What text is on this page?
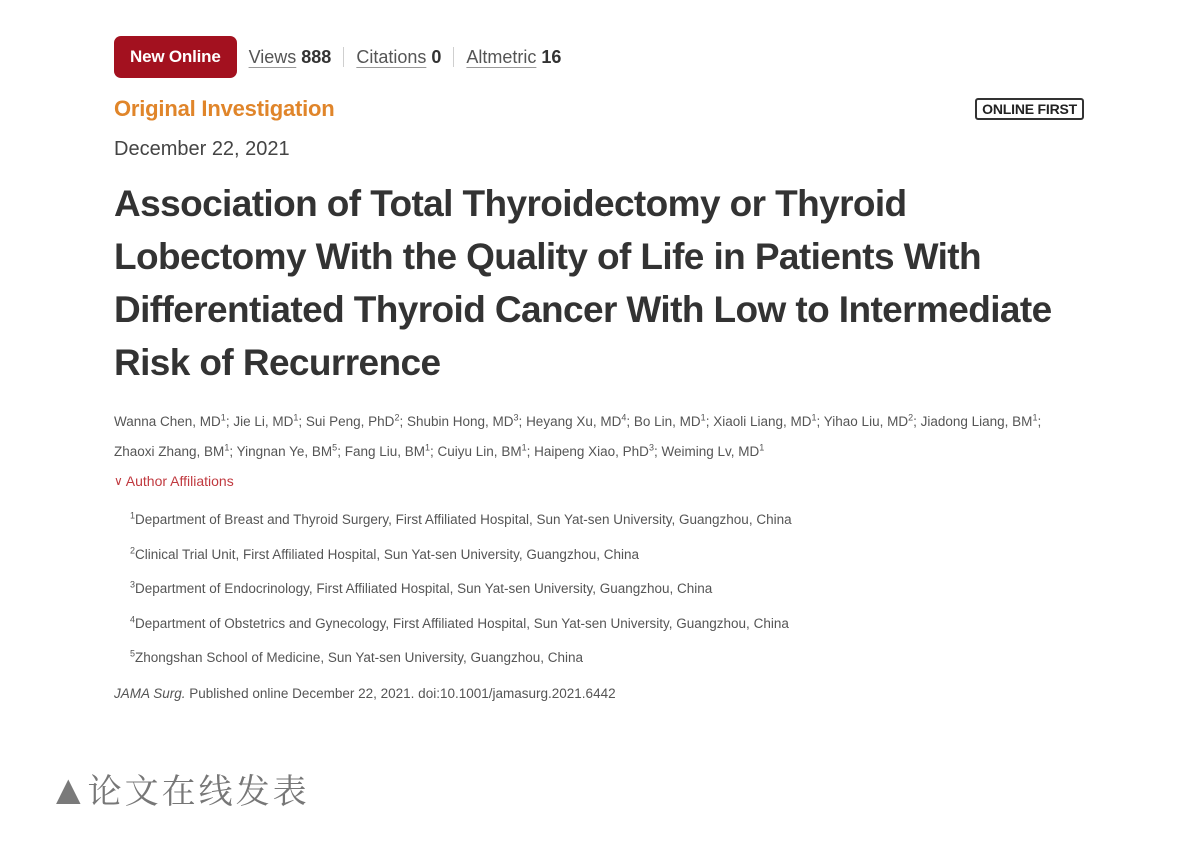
New Online	Views 888 Citations 0 Altmetric 16
Original Investigation	ONLINE FIRST
December 22, 2021
Association of Total Thyroidectomy or Thyroid Lobectomy With the Quality of Life in Patients With Differentiated Thyroid Cancer With Low to Intermediate Risk of Recurrence
Wanna Chen, $MD^1$; Jie Li, $MD^1$; Sui Peng, PhD$^2$; Shubin Hong, $MD^3$; Heyang Xu, $MD^4$; Bo Lin, $MD^1$; Xiaoli Liang, $MD^1$; Yihao Liu, $MD^2$; Jiadong Liang, $BM^1$; Zhaoxi Zhang, $BM^1$; Yingnan Ye, $BM^5$; Fang Liu, $BM^1$; Cuiyu Lin, $BM^1$; Haipeng Xiao, PhD$^3$; Weiming Lv, $MD^1$
∨ Author Affiliations
$^1$Department of Breast and Thyroid Surgery, First Affiliated Hospital, Sun Yat-sen University, Guangzhou, China
$^2$Clinical Trial Unit, First Affiliated Hospital, Sun Yat-sen University, Guangzhou, China
$^3$Department of Endocrinology, First Affiliated Hospital, Sun Yat-sen University, Guangzhou, China
$^4$Department of Obstetrics and Gynecology, First Affiliated Hospital, Sun Yat-sen University, Guangzhou, China
$^5$Zhongshan School of Medicine, Sun Yat-sen University, Guangzhou, China
JAMA Surg. Published online December 22, 2021. doi:10.1001/jamasurg.2021.6442
▲ 论文在线发表
